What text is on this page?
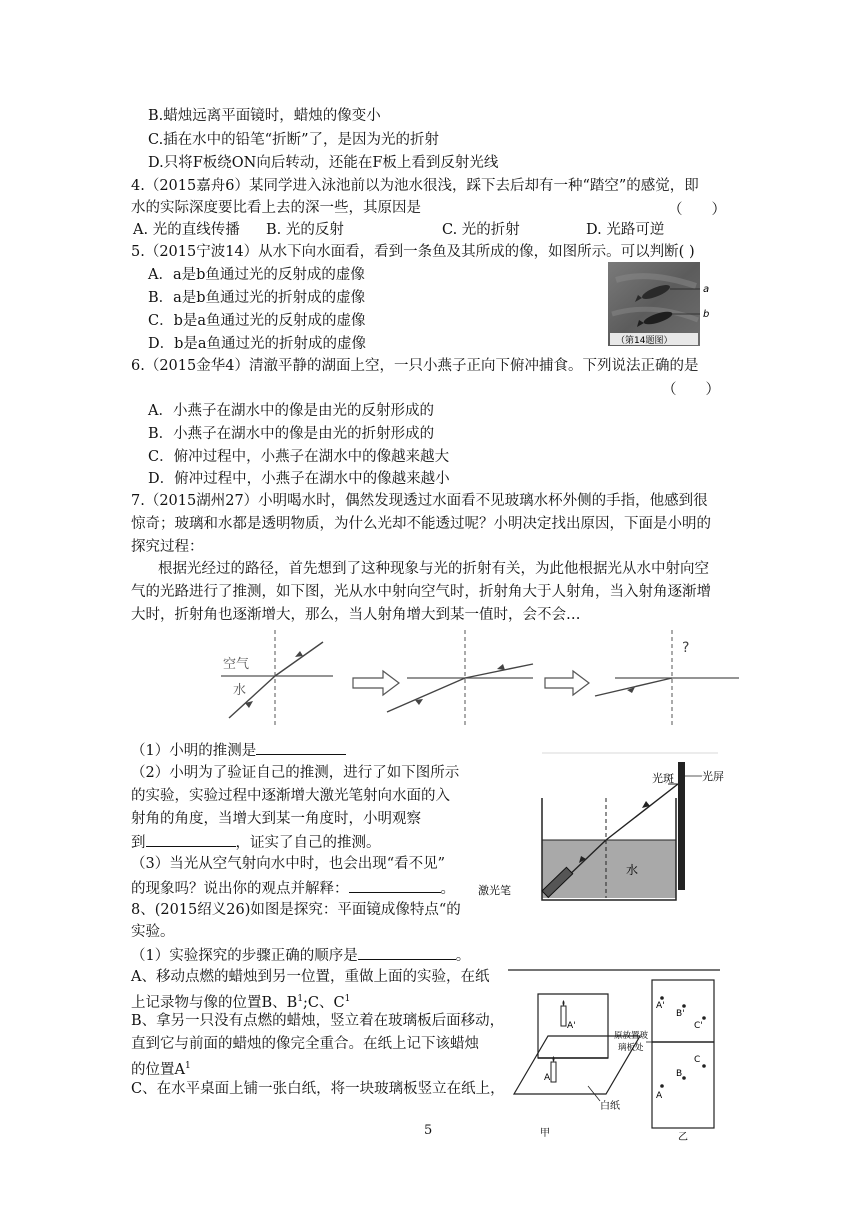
B.蜡烛远离平面镜时，蜡烛的像变小
C.插在水中的铅笔“折断”了，是因为光的折射
D.只将F板绕ON向后转动，还能在F板上看到反射光线
4.（2015嘉舟6）某同学进入泳池前以为池水很浅，踩下去后却有一种“踏空”的感觉，即
水的实际深度要比看上去的深一些，其原因是	（　　）
A. 光的直线传播 B. 光的反射	C. 光的折射	D. 光路可逆
5.（2015宁波14）从水下向水面看，看到一条鱼及其所成的像，如图所示。可以判断( )
A．a是b鱼通过光的反射成的虚像
B．a是b鱼通过光的折射成的虚像
C．b是a鱼通过光的反射成的虚像
D．b是a鱼通过光的折射成的虚像
a
b
（第14题图）
6.（2015金华4）清澈平静的湖面上空，一只小燕子正向下俯冲捕食。下列说法正确的是
（　　）
A．小燕子在湖水中的像是由光的反射形成的
B．小燕子在湖水中的像是由光的折射形成的
C．俯冲过程中，小燕子在湖水中的像越来越大
D．俯冲过程中，小燕子在湖水中的像越来越小
7.（2015湖州27）小明喝水时，偶然发现透过水面看不见玻璃水杯外侧的手指，他感到很
惊奇；玻璃和水都是透明物质，为什么光却不能透过呢？小明决定找出原因，下面是小明的
探究过程：
根据光经过的路径，首先想到了这种现象与光的折射有关，为此他根据光从水中射向空
气的光路进行了推测，如下图，光从水中射向空气时，折射角大于人射角，当入射角逐渐增
大时，折射角也逐渐增大，那么，当人射角增大到某一值时，会不会…
空气
水
?
（1）小明的推测是
（2）小明为了验证自己的推测，进行了如下图所示
的实验，实验过程中逐渐增大激光笔射向水面的入
射角的角度，当增大到某一角度时，小明观察
到	，证实了自己的推测。
（3）当光从空气射向水中时，也会出现“看不见”
的现象吗？说出你的观点并解释：	。
光斑	光屏
水
激光笔
8、(2015绍义26)如图是探究：平面镜成像特点“的
实验。
（1）实验探究的步骤正确的顺序是	。
A、移动点燃的蜡烛到另一位置，重做上面的实验，在纸
上记录物与像的位置B、$B^1;C$、$C^1$
B、拿另一只没有点燃的蜡烛，竖立着在玻璃板后面移动，
直到它与前面的蜡烛的像完全重合。在纸上记下该蜡烛
的位置$A^1$
C、在水平桌面上铺一张白纸，将一块玻璃板竖立在纸上，
A'
A
白纸
甲
原放置玻
璃板处
A'
B'
C'
C
B
A
乙
5
